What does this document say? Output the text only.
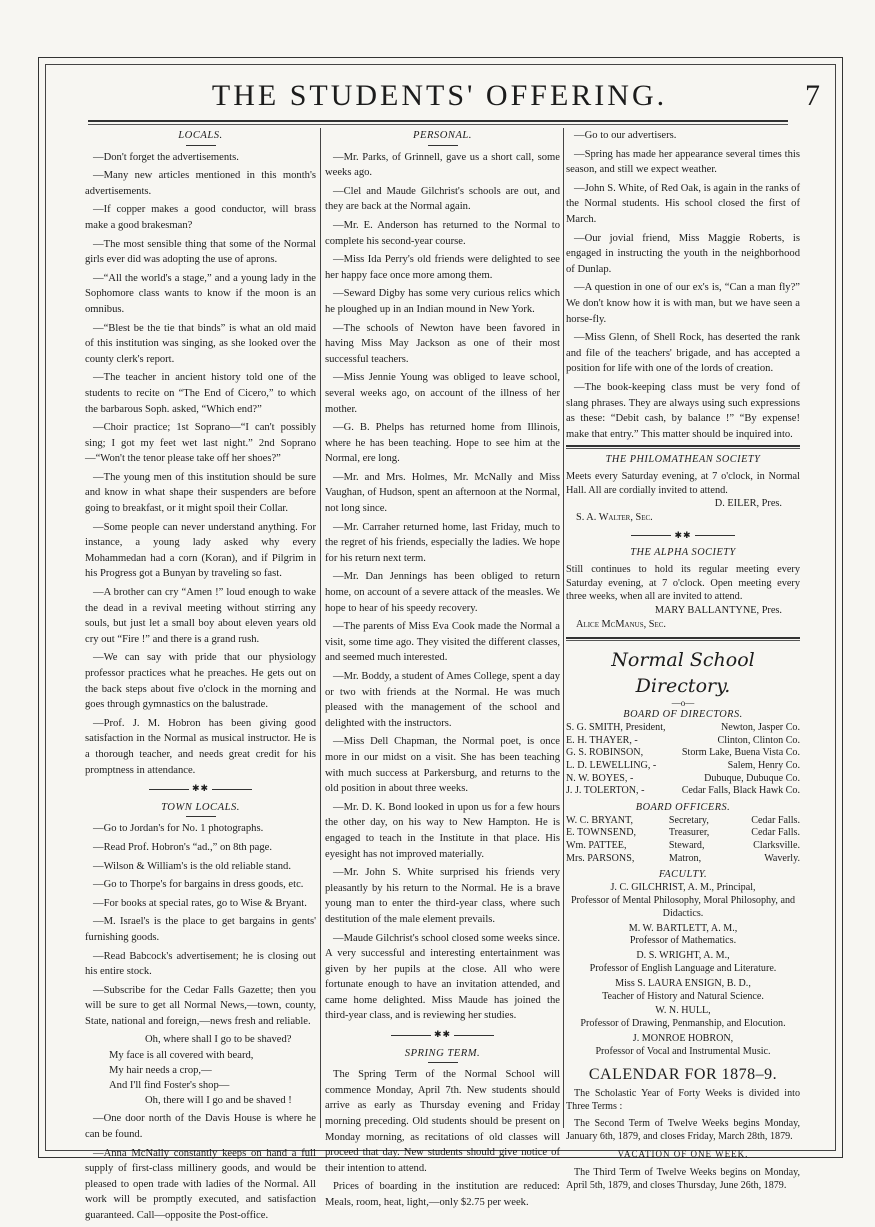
THE STUDENTS' OFFERING.	7
LOCALS.

—Don't forget the advertisements.

—Many new articles mentioned in this month's advertisements.

—If copper makes a good conductor, will brass make a good brakesman?

—The most sensible thing that some of the Normal girls ever did was adopting the use of aprons.

—“All the world's a stage,” and a young lady in the Sophomore class wants to know if the moon is an omnibus.

—“Blest be the tie that binds” is what an old maid of this institution was singing, as she looked over the county clerk's report.

—The teacher in ancient history told one of the students to recite on “The End of Cicero,” to which the barbarous Soph. asked, “Which end?”

—Choir practice; 1st Soprano—“I can't possibly sing; I got my feet wet last night.” 2nd Soprano—“Won't the tenor please take off her shoes?”

—The young men of this institution should be sure and know in what shape their suspenders are before going to breakfast, or it might spoil their Collar.

—Some people can never understand anything. For instance, a young lady asked why every Mohammedan had a corn (Koran), and if Pilgrim in his Progress got a Bunyan by traveling so fast.

—A brother can cry “Amen !” loud enough to wake the dead in a revival meeting without stirring any souls, but just let a small boy about eleven years old cry out “Fire !” and there is a grand rush.

—We can say with pride that our physiology professor practices what he preaches. He gets out on the back steps about five o'clock in the morning and goes through gymnastics on the balustrade.

—Prof. J. M. Hobron has been giving good satisfaction in the Normal as musical instructor. He is a thorough teacher, and needs great credit for his promptness in attendance.

✱✱
TOWN LOCALS.

—Go to Jordan's for No. 1 photographs.

—Read Prof. Hobron's “ad.,” on 8th page.

—Wilson & William's is the old reliable stand.

—Go to Thorpe's for bargains in dress goods, etc.

—For books at special rates, go to Wise & Bryant.

—M. Israel's is the place to get bargains in gents' furnishing goods.

—Read Babcock's advertisement; he is closing out his entire stock.

—Subscribe for the Cedar Falls Gazette; then you will be sure to get all Normal News,—town, county, State, national and foreign,—news fresh and reliable.

Oh, where shall I go to be shaved?
My face is all covered with beard,
My hair needs a crop,—
And I'll find Foster's shop—
Oh, there will I go and be shaved !

—One door north of the Davis House is where he can be found.

—Anna McNally constantly keeps on hand a full supply of first-class millinery goods, and would be pleased to open trade with ladies of the Normal. All work will be promptly executed, and satisfaction guaranteed. Call—opposite the Post-office.

PERSONAL.

—Mr. Parks, of Grinnell, gave us a short call, some weeks ago.

—Clel and Maude Gilchrist's schools are out, and they are back at the Normal again.

—Mr. E. Anderson has returned to the Normal to complete his second-year course.

—Miss Ida Perry's old friends were delighted to see her happy face once more among them.

—Seward Digby has some very curious relics which he ploughed up in an Indian mound in New York.

—The schools of Newton have been favored in having Miss May Jackson as one of their most successful teachers.

—Miss Jennie Young was obliged to leave school, several weeks ago, on account of the illness of her mother.

—G. B. Phelps has returned home from Illinois, where he has been teaching. Hope to see him at the Normal, ere long.

—Mr. and Mrs. Holmes, Mr. McNally and Miss Vaughan, of Hudson, spent an afternoon at the Normal, not long since.

—Mr. Carraher returned home, last Friday, much to the regret of his friends, especially the ladies. We hope for his return next term.

—Mr. Dan Jennings has been obliged to return home, on account of a severe attack of the measles. We hope to hear of his speedy recovery.

—The parents of Miss Eva Cook made the Normal a visit, some time ago. They visited the different classes, and seemed much interested.

—Mr. Boddy, a student of Ames College, spent a day or two with friends at the Normal. He was much pleased with the management of the school and delighted with the instructors.

—Miss Dell Chapman, the Normal poet, is once more in our midst on a visit. She has been teaching with much success at Parkersburg, and returns to the old position in about three weeks.

—Mr. D. K. Bond looked in upon us for a few hours the other day, on his way to New Hampton. He is engaged to teach in the Institute in that place. His eyesight has not improved materially.

—Mr. John S. White surprised his friends very pleasantly by his return to the Normal. He is a brave young man to enter the third-year class, where such destitution of the male element prevails.

—Maude Gilchrist's school closed some weeks since. A very successful and interesting entertainment was given by her pupils at the close. All who were fortunate enough to have an invitation attended, and came home delighted. Miss Maude has joined the third-year class, and is reviewing her studies.

✱✱
SPRING TERM.

The Spring Term of the Normal School will commence Monday, April 7th. New students should arrive as early as Thursday evening and Friday morning preceding. Old students should be present on Monday morning, as recitations of old classes will proceed that day. New students should give notice of their intention to attend.

Prices of boarding in the institution are reduced: Meals, room, heat, light,—only $2.75 per week.

—Go to our advertisers.

—Spring has made her appearance several times this season, and still we expect weather.

—John S. White, of Red Oak, is again in the ranks of the Normal students. His school closed the first of March.

—Our jovial friend, Miss Maggie Roberts, is engaged in instructing the youth in the neighborhood of Dunlap.

—A question in one of our ex's is, “Can a man fly?” We don't know how it is with man, but we have seen a horse-fly.

—Miss Glenn, of Shell Rock, has deserted the rank and file of the teachers' brigade, and has accepted a position for life with one of the lords of creation.

—The book-keeping class must be very fond of slang phrases. They are always using such expressions as these: “Debit cash, by balance !” “By expense! make that entry.” This matter should be inquired into.

THE PHILOMATHEAN SOCIETY
Meets every Saturday evening, at 7 o'clock, in Normal Hall. All are cordially invited to attend.
D. EILER, Pres.
S. A. Walter, Sec.
✱✱
THE ALPHA SOCIETY
Still continues to hold its regular meeting every Saturday evening, at 7 o'clock. Open meeting every three weeks, when all are invited to attend.
MARY BALLANTYNE, Pres.
Alice McManus, Sec.
Normal School Directory.
—o—
BOARD OF DIRECTORS.
S. G. SMITH, President,	Newton, Jasper Co.
E. H. THAYER, -	Clinton, Clinton Co.
G. S. ROBINSON,	Storm Lake, Buena Vista Co.
L. D. LEWELLING, -	Salem, Henry Co.
N. W. BOYES, -	Dubuque, Dubuque Co.
J. J. TOLERTON, -	Cedar Falls, Black Hawk Co.
BOARD OFFICERS.
W. C. BRYANT,	Secretary,	Cedar Falls.
E. TOWNSEND,	Treasurer,	Cedar Falls.
Wm. PATTEE,	Steward,	Clarksville.
Mrs. PARSONS,	Matron,	Waverly.
FACULTY.
J. C. GILCHRIST, A. M., Principal,
Professor of Mental Philosophy, Moral Philosophy, and Didactics.
M. W. BARTLETT, A. M.,
Professor of Mathematics.
D. S. WRIGHT, A. M.,
Professor of English Language and Literature.
Miss S. LAURA ENSIGN, B. D.,
Teacher of History and Natural Science.
W. N. HULL,
Professor of Drawing, Penmanship, and Elocution.
J. MONROE HOBRON,
Professor of Vocal and Instrumental Music.
CALENDAR FOR 1878–9.

The Scholastic Year of Forty Weeks is divided into Three Terms :

The Second Term of Twelve Weeks begins Monday, January 6th, 1879, and closes Friday, March 28th, 1879.

VACATION OF ONE WEEK.

The Third Term of Twelve Weeks begins on Monday, April 5th, 1879, and closes Thursday, June 26th, 1879.
